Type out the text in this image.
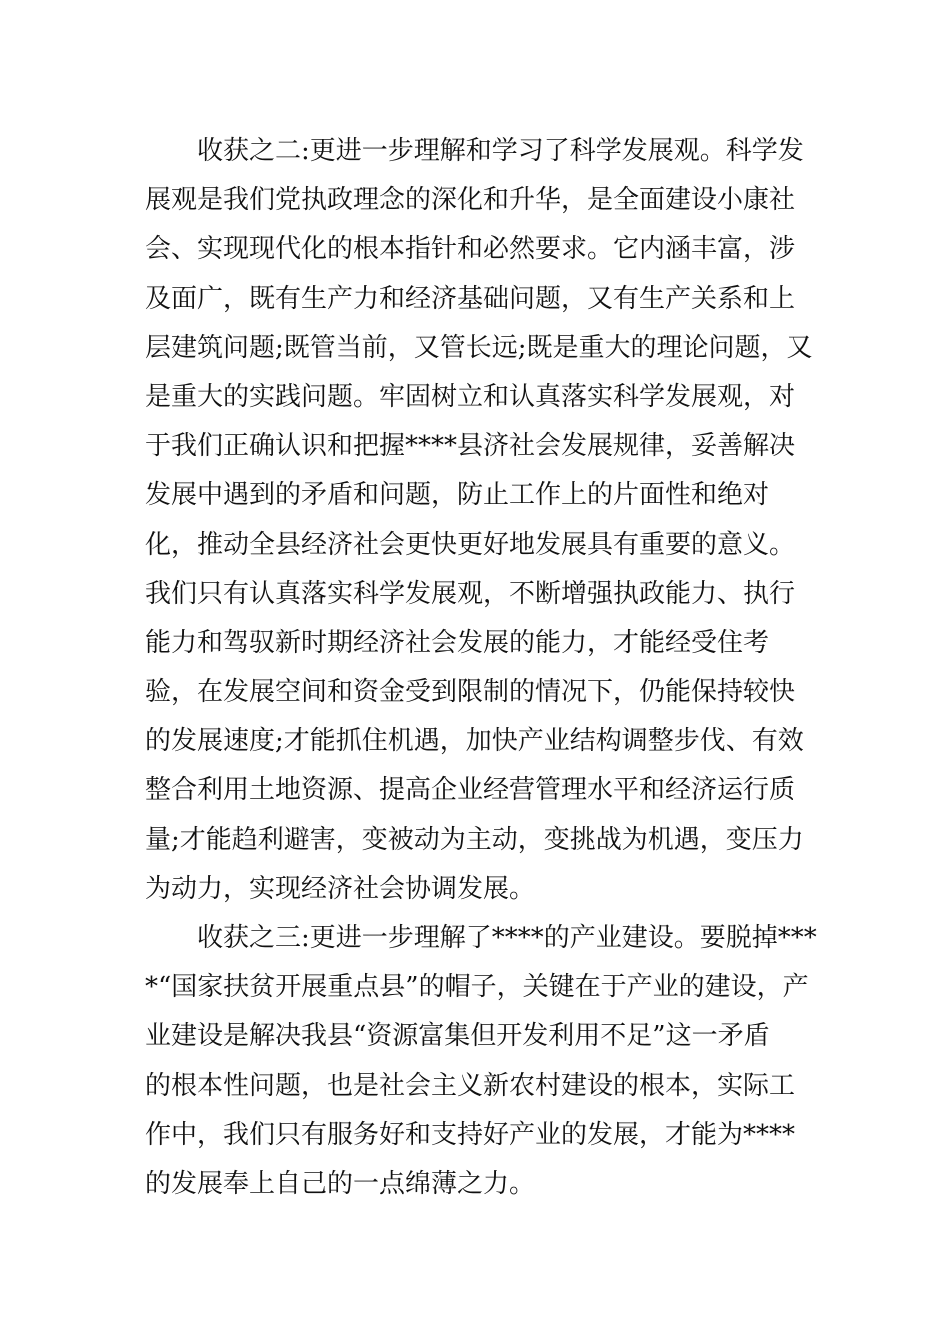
收获之二:更进一步理解和学习了科学发展观。科学发
展观是我们党执政理念的深化和升华，是全面建设小康社
会、实现现代化的根本指针和必然要求。它内涵丰富，涉
及面广，既有生产力和经济基础问题，又有生产关系和上
层建筑问题;既管当前，又管长远;既是重大的理论问题，又
是重大的实践问题。牢固树立和认真落实科学发展观，对
于我们正确认识和把握****县济社会发展规律，妥善解决
发展中遇到的矛盾和问题，防止工作上的片面性和绝对
化，推动全县经济社会更快更好地发展具有重要的意义。
我们只有认真落实科学发展观，不断增强执政能力、执行
能力和驾驭新时期经济社会发展的能力，才能经受住考
验，在发展空间和资金受到限制的情况下，仍能保持较快
的发展速度;才能抓住机遇，加快产业结构调整步伐、有效
整合利用土地资源、提高企业经营管理水平和经济运行质
量;才能趋利避害，变被动为主动，变挑战为机遇，变压力
为动力，实现经济社会协调发展。
收获之三:更进一步理解了****的产业建设。要脱掉***
*“国家扶贫开展重点县”的帽子，关键在于产业的建设，产
业建设是解决我县“资源富集但开发利用不足”这一矛盾
的根本性问题，也是社会主义新农村建设的根本，实际工
作中，我们只有服务好和支持好产业的发展，才能为****
的发展奉上自己的一点绵薄之力。
